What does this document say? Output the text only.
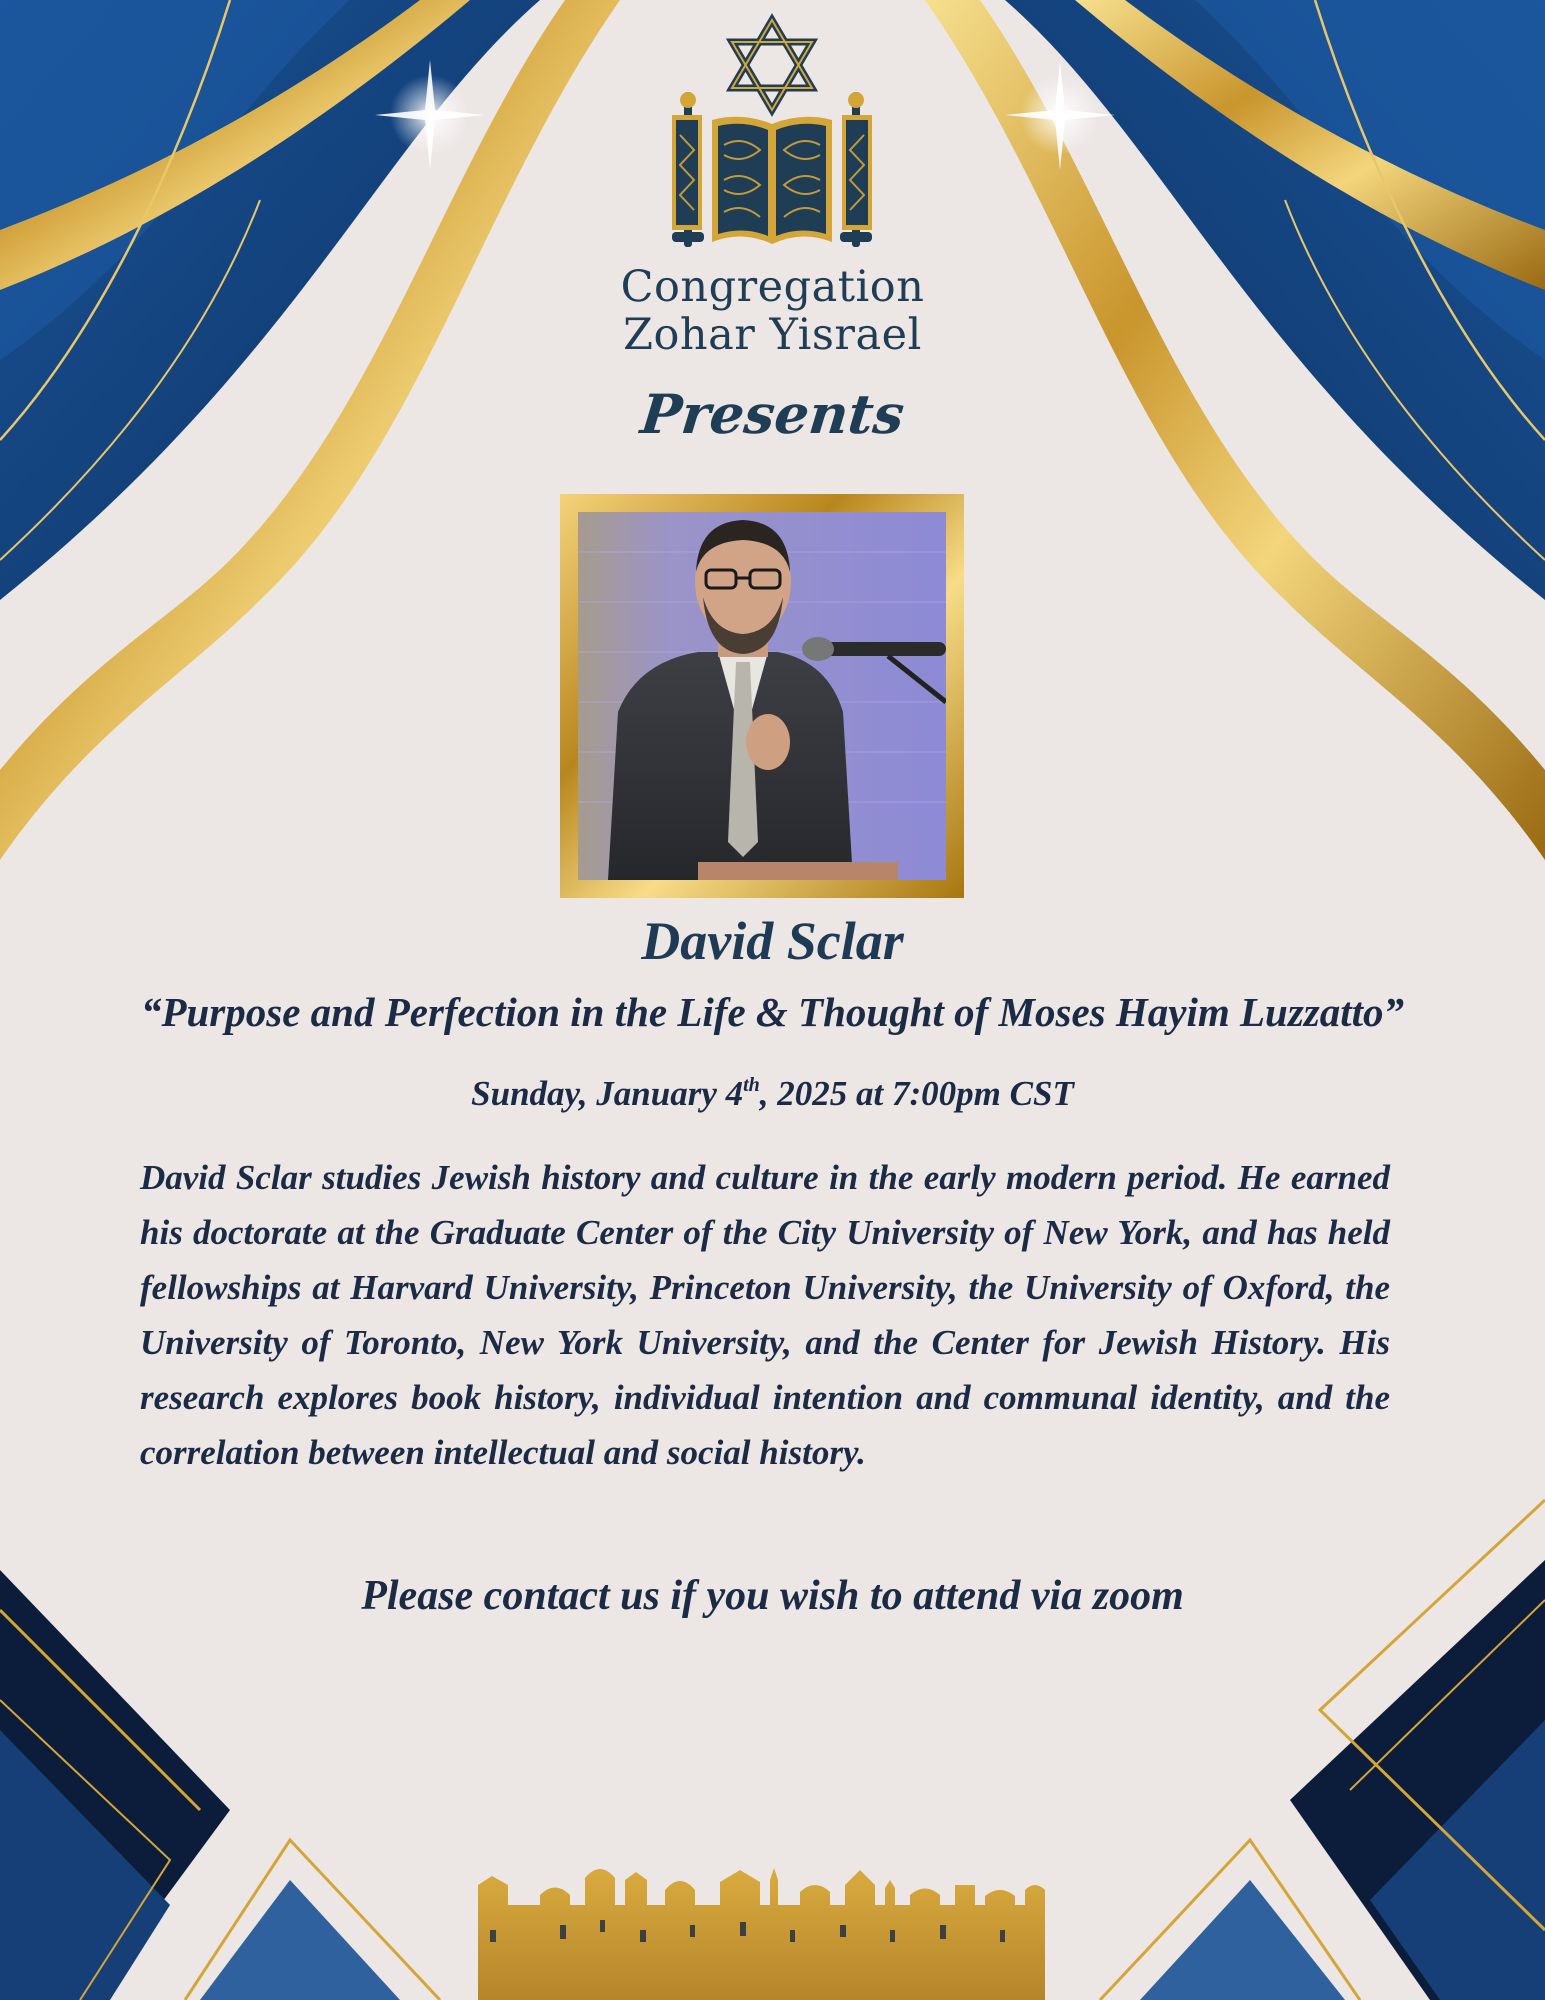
Congregation

Zohar Yisrael

Presents

David Sclar

“Purpose and Perfection in the Life & Thought of Moses Hayim Luzzatto”

Sunday, January 4th, 2025 at 7:00pm CST

David Sclar studies Jewish history and culture in the early modern period. He earned his doctorate at the Graduate Center of the City University of New York, and has held fellowships at Harvard University, Princeton University, the University of Oxford, the University of Toronto, New York University, and the Center for Jewish History. His research explores book history, individual intention and communal identity, and the correlation between intellectual and social history.

Please contact us if you wish to attend via zoom
